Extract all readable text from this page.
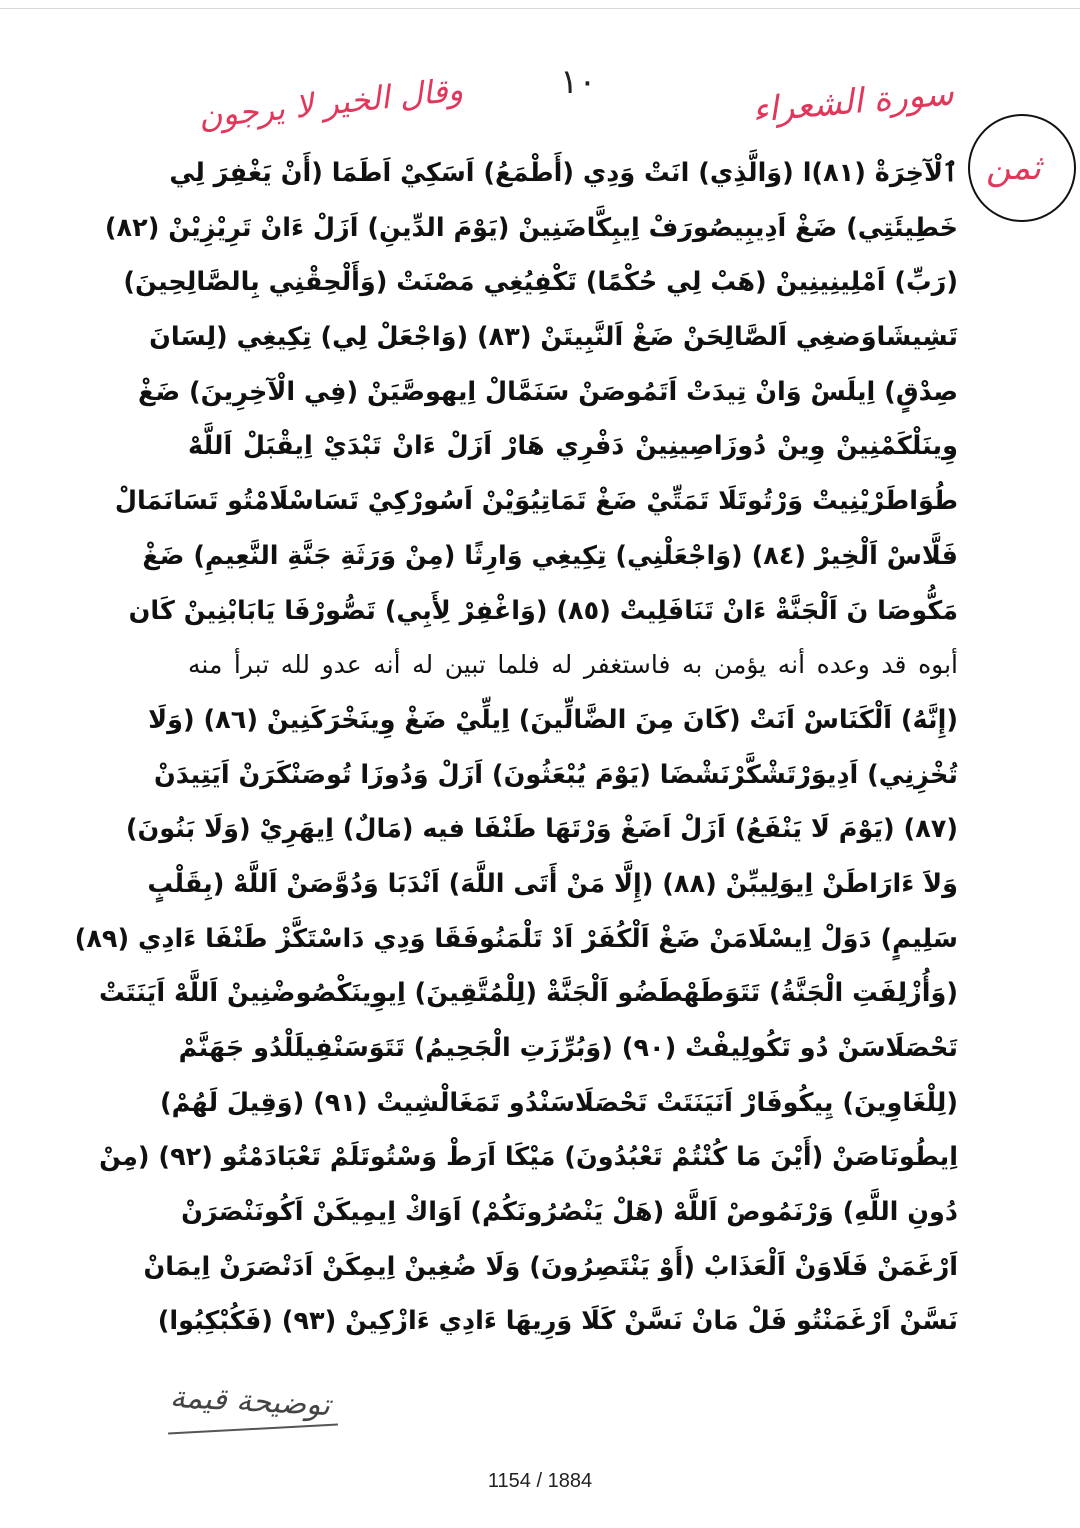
١٠	سورة الشعراء
وقال الخير لا يرجون
ثمن
ٱلْآخِرَةْ (٨١)ا (وَالَّذِي) انَتْ وَدِي (أَطْمَعُ) اَسَكِيْ اَطَمَا (أَنْ يَغْفِرَ لِي
خَطِيئَتِي) ضَغْ اَدِيبِيصُورَفْ اِيبِكَّاضَنِينْ (يَوْمَ الدِّينِ) اَزَلْ ءَانْ تَرِيْزِيْنْ (٨٢)
(رَبِّ) اَمْلِينِينِينْ (هَبْ لِي حُكْمًا) تَكْفِيُغِي مَصْنَتْ (وَأَلْحِقْنِي بِالصَّالِحِينَ)
تَشِيشَاوَضغِي اَلصَّالِحَنْ ضَغْ اَلنَّبِيتَنْ (٨٣) (وَاجْعَلْ لِي) تِكِيغِي (لِسَانَ
صِدْقٍ) اِيلَسْ وَانْ تِيدَتْ اَتَمُوصَنْ سَنَمَّالْ اِيهوصَّيَنْ (فِي الْآخِرِينَ) ضَغْ
وِينَلْكَمْنِينْ وِينْ دُوزَاصِينِينْ دَفْرِي هَارْ اَزَلْ ءَانْ تَبْدَيْ اِيقْبَلْ اَللَّهْ
طُوَاطَرْيْنِيتْ وَرْتُوتَلَا تَمَتِّيْ ضَغْ تَمَاتِيُوَيْنْ اَسُورْكِيْ تَسَاسْلَامْتُو تَسَانَمَالْ
فَلَّاسْ اَلْخِيرْ (٨٤) (وَاجْعَلْنِي) تِكِيغِي وَارِثًا (مِنْ وَرَثَةِ جَنَّةِ النَّعِيمِ) ضَغْ
مَكُّوصَا نَ اَلْجَنَّةْ ءَانْ تَنَافَلِيتْ (٨٥) (وَاغْفِرْ لِأَبِي) تَصُّورْفَا يَابَابْنِينْ كَان
أبوه قد وعده أنه يؤمن به فاستغفر له فلما تبين له أنه عدو لله تبرأ منه
(إِنَّهُ) اَلْكَنَاسْ اَنَتْ (كَانَ مِنَ الضَّالِّينَ) اِيلِّيْ ضَغْ وِينَخْرَكَنِينْ (٨٦) (وَلَا
تُخْزِنِي) اَدِيوَرْتَشْكَّرْنَشْضَا (يَوْمَ يُبْعَثُونَ) اَزَلْ وَدُوزَا تُوصَنْكَرَنْ اَيَتِيدَنْ
(٨٧) (يَوْمَ لَا يَنْفَعُ) اَزَلْ اَضَغْ وَرْتَهَا طَنْفَا فيه (مَالٌ) اِيهَرِيْ (وَلَا بَنُونَ)
وَلاَ ءَارَاطَنْ اِيوَلِيبِّنْ (٨٨) (إِلَّا مَنْ أَتَى اللَّهَ) اَنْدَبَا وَدُوَّصَنْ اَللَّهْ (بِقَلْبٍ
سَلِيمٍ) دَوَلْ اِيسْلَامَنْ ضَغْ اَلْكُفَرْ اَدْ تَلْمَنُوفَقَا وَدِي دَاسْتَكَّزْ طَنْفَا ءَادِي (٨٩)
(وَأُزْلِفَتِ الْجَنَّةُ) تَتَوَطَهْطَضُو اَلْجَنَّةْ (لِلْمُتَّقِينَ) اِيوِينَكْصُوضْنِينْ اَللَّهْ اَيَنَتَتْ
تَحْصَلَاسَنْ دُو تَكُولِيفْتْ (٩٠) (وَبُرِّزَتِ الْجَحِيمُ) تَتَوَسَنْفِيلَلْدُو جَهَنَّمْ
(لِلْغَاوِينَ) يِيكُوفَارْ اَنَيَنَتَتْ تَحْصَلَاسَنْدُو تَمَغَالْشِيتْ (٩١) (وَقِيلَ لَهُمْ)
اِيطُونَاصَنْ (أَيْنَ مَا كُنْتُمْ تَعْبُدُونَ) مَيْكَا اَرَطْ وَسْتُوتَلَمْ تَعْبَادَمْتُو (٩٢) (مِنْ
دُونِ اللَّهِ) وَرْنَمُوصْ اَللَّهْ (هَلْ يَنْصُرُونَكُمْ) اَوَاكْ اِيمِيكَنْ اَكُونَنْصَرَنْ
اَرْغَمَنْ فَلَاوَنْ اَلْعَذَابْ (أَوْ يَنْتَصِرُونَ) وَلَا ضُغِينْ اِيمِكَنْ اَدَنْصَرَنْ اِيمَانْ
نَسَّنْ اَرْغَمَنْتُو فَلْ مَانْ نَسَّنْ كَلَا وَرِيهَا ءَادِي ءَازْكِينْ (٩٣) (فَكُبْكِبُوا)
توضيحة قيمة
1154 / 1884
